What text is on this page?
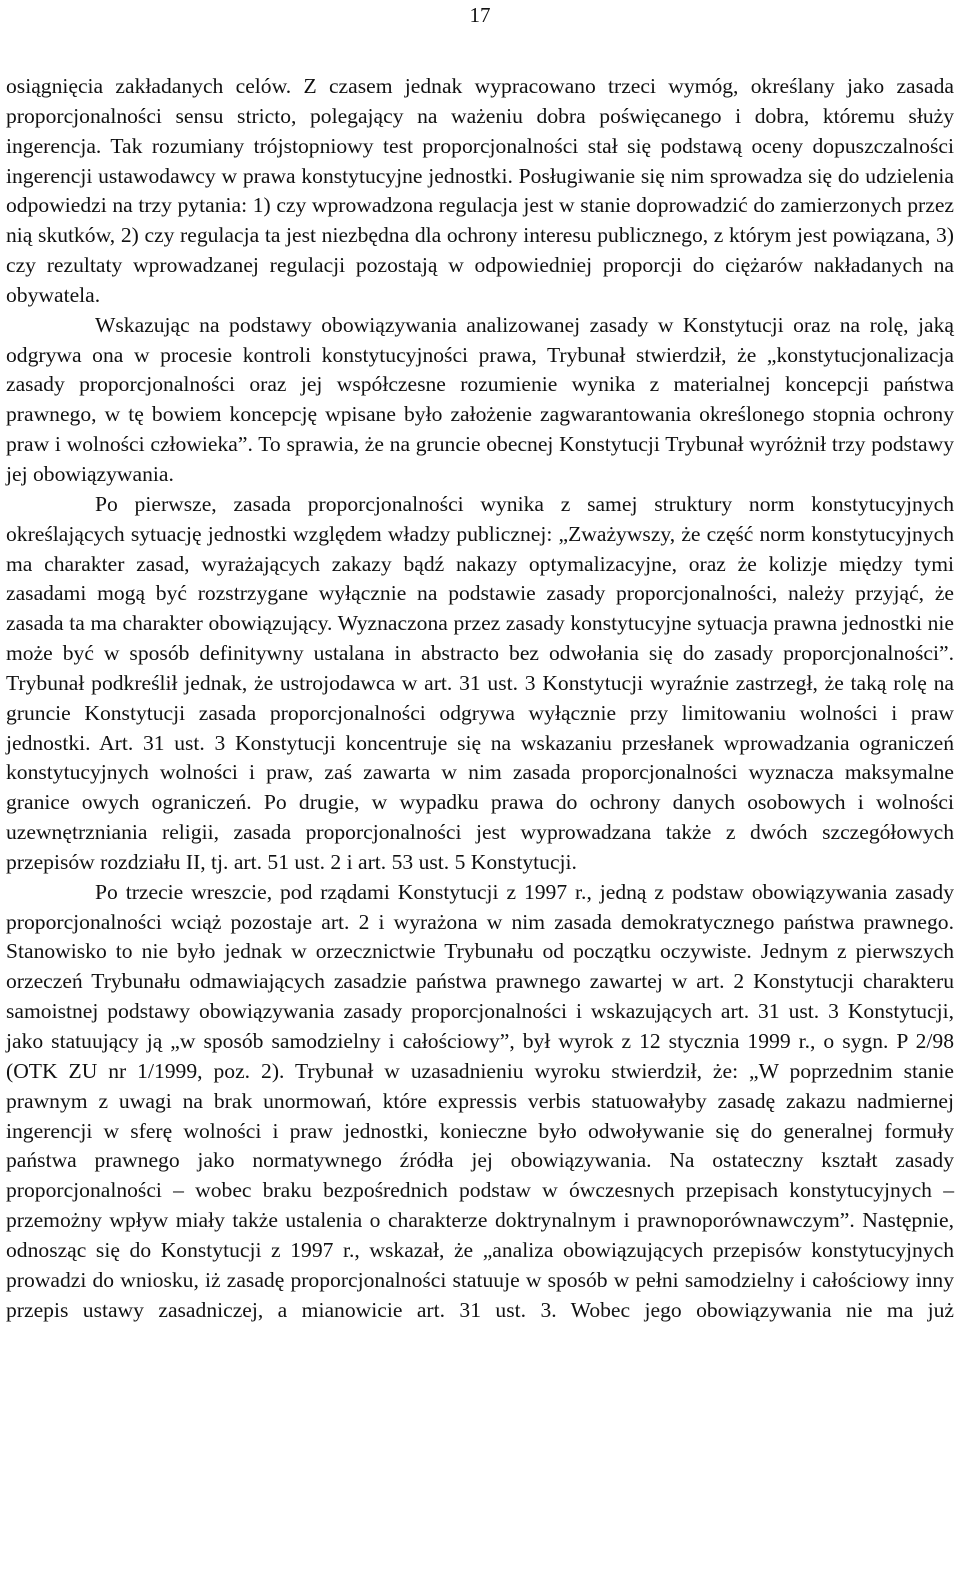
17

osiągnięcia zakładanych celów. Z czasem jednak wypracowano trzeci wymóg, określany jako zasada proporcjonalności sensu stricto, polegający na ważeniu dobra poświęcanego i dobra, któremu służy ingerencja. Tak rozumiany trójstopniowy test proporcjonalności stał się podstawą oceny dopuszczalności ingerencji ustawodawcy w prawa konstytucyjne jednostki. Posługiwanie się nim sprowadza się do udzielenia odpowiedzi na trzy pytania: 1) czy wprowadzona regulacja jest w stanie doprowadzić do zamierzonych przez nią skutków, 2) czy regulacja ta jest niezbędna dla ochrony interesu publicznego, z którym jest powiązana, 3) czy rezultaty wprowadzanej regulacji pozostają w odpowiedniej proporcji do ciężarów nakładanych na obywatela.

Wskazując na podstawy obowiązywania analizowanej zasady w Konstytucji oraz na rolę, jaką odgrywa ona w procesie kontroli konstytucyjności prawa, Trybunał stwierdził, że „konstytucjonalizacja zasady proporcjonalności oraz jej współczesne rozumienie wynika z materialnej koncepcji państwa prawnego, w tę bowiem koncepcję wpisane było założenie zagwarantowania określonego stopnia ochrony praw i wolności człowieka”. To sprawia, że na gruncie obecnej Konstytucji Trybunał wyróżnił trzy podstawy jej obowiązywania.

Po pierwsze, zasada proporcjonalności wynika z samej struktury norm konstytucyjnych określających sytuację jednostki względem władzy publicznej: „Zważywszy, że część norm konstytucyjnych ma charakter zasad, wyrażających zakazy bądź nakazy optymalizacyjne, oraz że kolizje między tymi zasadami mogą być rozstrzygane wyłącznie na podstawie zasady proporcjonalności, należy przyjąć, że zasada ta ma charakter obowiązujący. Wyznaczona przez zasady konstytucyjne sytuacja prawna jednostki nie może być w sposób definitywny ustalana in abstracto bez odwołania się do zasady proporcjonalności”. Trybunał podkreślił jednak, że ustrojodawca w art. 31 ust. 3 Konstytucji wyraźnie zastrzegł, że taką rolę na gruncie Konstytucji zasada proporcjonalności odgrywa wyłącznie przy limitowaniu wolności i praw jednostki. Art. 31 ust. 3 Konstytucji koncentruje się na wskazaniu przesłanek wprowadzania ograniczeń konstytucyjnych wolności i praw, zaś zawarta w nim zasada proporcjonalności wyznacza maksymalne granice owych ograniczeń. Po drugie, w wypadku prawa do ochrony danych osobowych i wolności uzewnętrzniania religii, zasada proporcjonalności jest wyprowadzana także z dwóch szczegółowych przepisów rozdziału II, tj. art. 51 ust. 2 i art. 53 ust. 5 Konstytucji.

Po trzecie wreszcie, pod rządami Konstytucji z 1997 r., jedną z podstaw obowiązywania zasady proporcjonalności wciąż pozostaje art. 2 i wyrażona w nim zasada demokratycznego państwa prawnego. Stanowisko to nie było jednak w orzecznictwie Trybunału od początku oczywiste. Jednym z pierwszych orzeczeń Trybunału odmawiających zasadzie państwa prawnego zawartej w art. 2 Konstytucji charakteru samoistnej podstawy obowiązywania zasady proporcjonalności i wskazujących art. 31 ust. 3 Konstytucji, jako statuujący ją „w sposób samodzielny i całościowy”, był wyrok z 12 stycznia 1999 r., o sygn. P 2/98 (OTK ZU nr 1/1999, poz. 2). Trybunał w uzasadnieniu wyroku stwierdził, że: „W poprzednim stanie prawnym z uwagi na brak unormowań, które expressis verbis statuowałyby zasadę zakazu nadmiernej ingerencji w sferę wolności i praw jednostki, konieczne było odwoływanie się do generalnej formuły państwa prawnego jako normatywnego źródła jej obowiązywania. Na ostateczny kształt zasady proporcjonalności – wobec braku bezpośrednich podstaw w ówczesnych przepisach konstytucyjnych – przemożny wpływ miały także ustalenia o charakterze doktrynalnym i prawnoporównawczym”. Następnie, odnosząc się do Konstytucji z 1997 r., wskazał, że „analiza obowiązujących przepisów konstytucyjnych prowadzi do wniosku, iż zasadę proporcjonalności statuuje w sposób w pełni samodzielny i całościowy inny przepis ustawy zasadniczej, a mianowicie art. 31 ust. 3. Wobec jego obowiązywania nie ma już
